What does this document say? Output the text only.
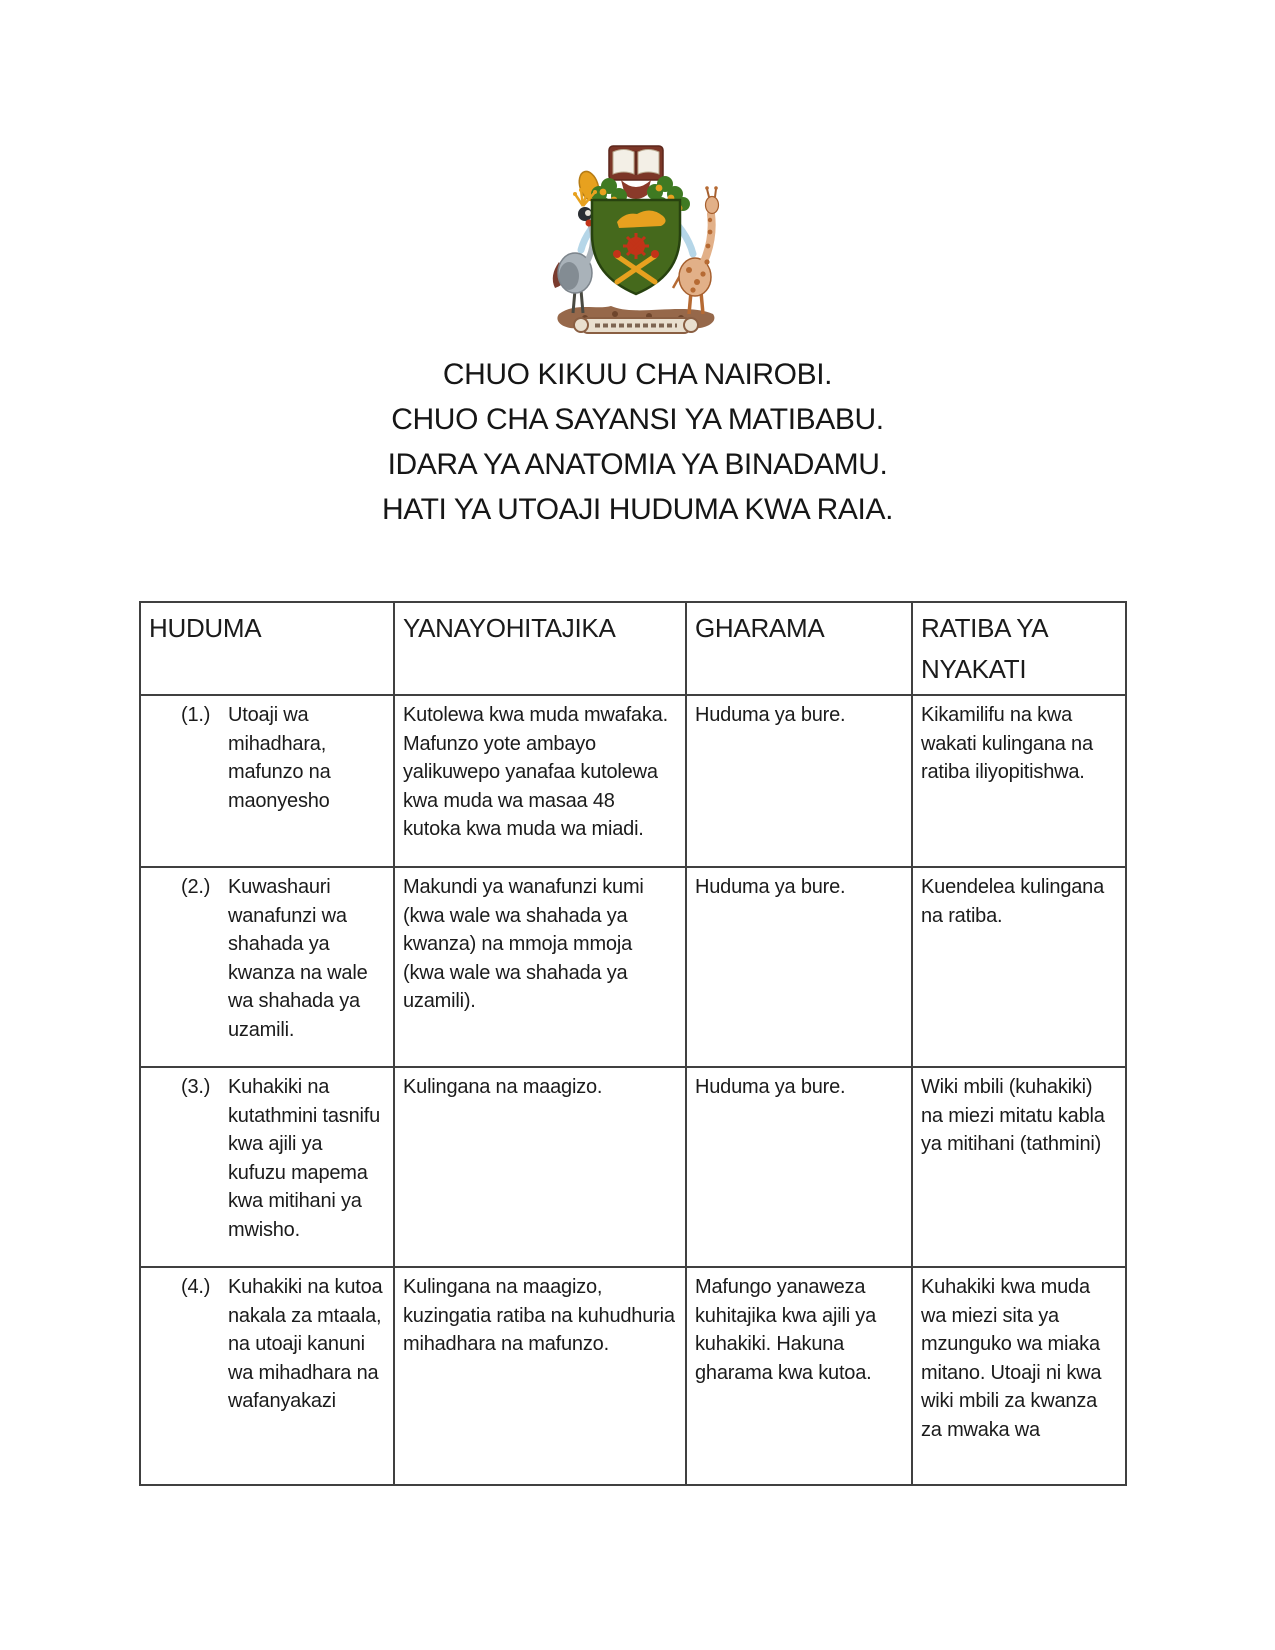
CHUO KIKUU CHA NAIROBI.
CHUO CHA SAYANSI YA MATIBABU.
IDARA YA ANATOMIA YA BINADAMU.
HATI YA UTOAJI HUDUMA KWA RAIA.
HUDUMA	YANAYOHITAJIKA	GHARAMA	RATIBA YA NYAKATI

(1.) Utoaji wa mihadhara, mafunzo na maonyesho	Kutolewa kwa muda mwafaka. Mafunzo yote ambayo yalikuwepo yanafaa kutolewa kwa muda wa masaa 48 kutoka kwa muda wa miadi.	Huduma ya bure.	Kikamilifu na kwa wakati kulingana na ratiba iliyopitishwa.

(2.) Kuwashauri wanafunzi wa shahada ya kwanza na wale wa shahada ya uzamili.	Makundi ya wanafunzi kumi (kwa wale wa shahada ya kwanza) na mmoja mmoja (kwa wale wa shahada ya uzamili).	Huduma ya bure.	Kuendelea kulingana na ratiba.

(3.) Kuhakiki na kutathmini tasnifu kwa ajili ya kufuzu mapema kwa mitihani ya mwisho.	Kulingana na maagizo.	Huduma ya bure.	Wiki mbili (kuhakiki) na miezi mitatu kabla ya mitihani (tathmini)

(4.) Kuhakiki na kutoa nakala za mtaala, na utoaji kanuni wa mihadhara na wafanyakazi	Kulingana na maagizo, kuzingatia ratiba na kuhudhuria mihadhara na mafunzo.	Mafungo yanaweza kuhitajika kwa ajili ya kuhakiki. Hakuna gharama kwa kutoa.	Kuhakiki kwa muda wa miezi sita ya mzunguko wa miaka mitano. Utoaji ni kwa wiki mbili za kwanza za mwaka wa
